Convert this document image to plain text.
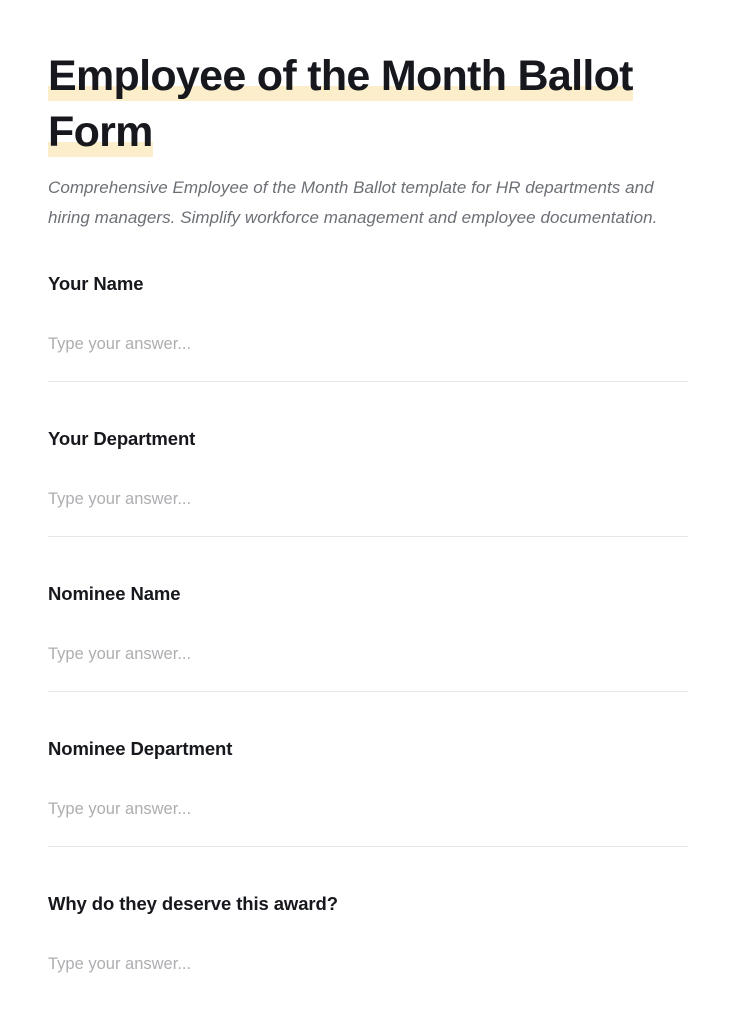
Employee of the Month Ballot Form

Comprehensive Employee of the Month Ballot template for HR departments and hiring managers. Simplify workforce management and employee documentation.

Your Name

Type your answer...

Your Department

Type your answer...

Nominee Name

Type your answer...

Nominee Department

Type your answer...

Why do they deserve this award?

Type your answer...
